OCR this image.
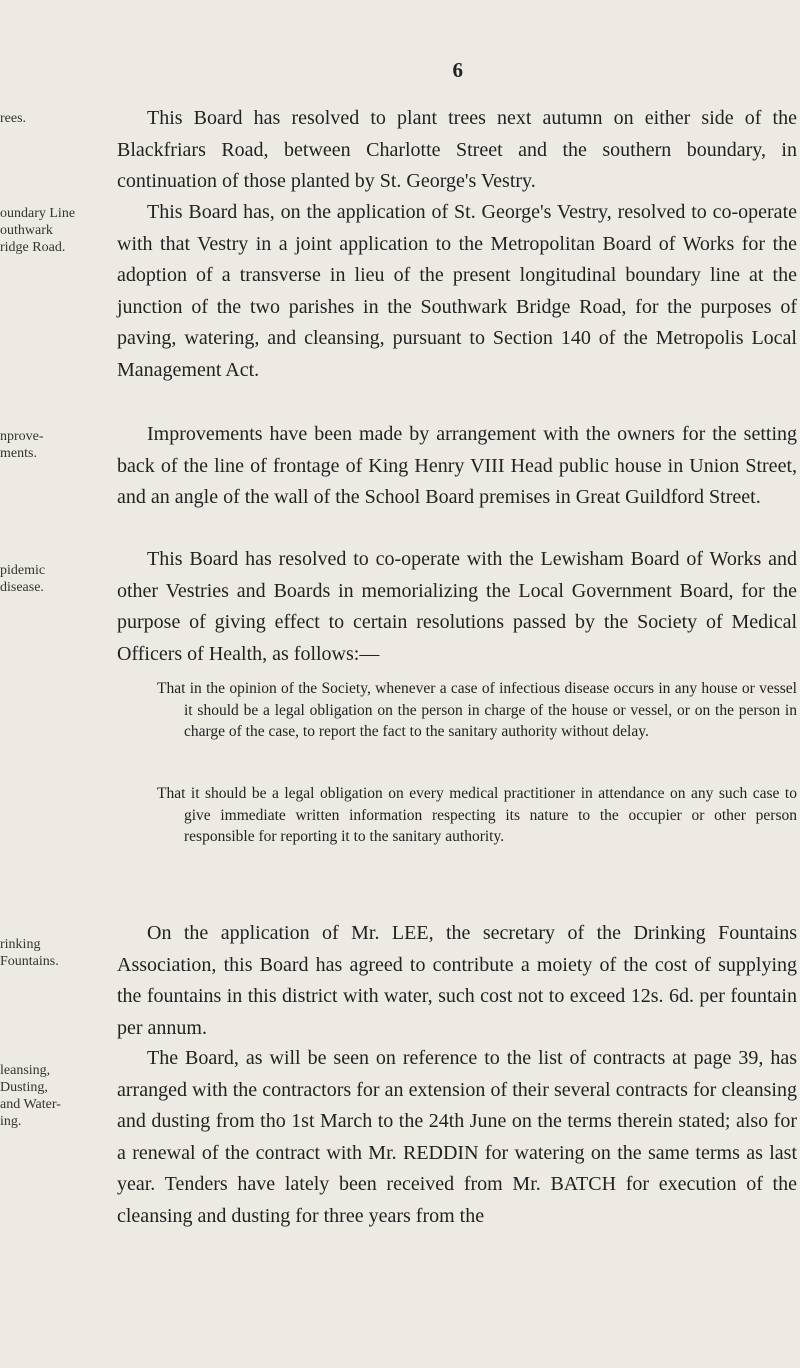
6
rees.
oundary Line
outhwark
ridge Road.
nprove-
ments.
pidemic
disease.
rinking
Fountains.
leansing,
Dusting,
and Water-
ing.
This Board has resolved to plant trees next autumn on either side of the Blackfriars Road, between Charlotte Street and the southern boundary, in continuation of those planted by St. George's Vestry.
This Board has, on the application of St. George's Vestry, resolved to co-operate with that Vestry in a joint application to the Metropolitan Board of Works for the adoption of a transverse in lieu of the present longitudinal boundary line at the junction of the two parishes in the Southwark Bridge Road, for the purposes of paving, watering, and cleansing, pursuant to Section 140 of the Metropolis Local Management Act.
Improvements have been made by arrangement with the owners for the setting back of the line of frontage of King Henry VIII Head public house in Union Street, and an angle of the wall of the School Board premises in Great Guildford Street.
This Board has resolved to co-operate with the Lewisham Board of Works and other Vestries and Boards in memorializing the Local Government Board, for the purpose of giving effect to certain resolutions passed by the Society of Medical Officers of Health, as follows:—
That in the opinion of the Society, whenever a case of infectious disease occurs in any house or vessel it should be a legal obligation on the person in charge of the house or vessel, or on the person in charge of the case, to report the fact to the sanitary authority without delay.
That it should be a legal obligation on every medical practitioner in attendance on any such case to give immediate written information respecting its nature to the occupier or other person responsible for reporting it to the sanitary authority.
On the application of Mr. LEE, the secretary of the Drinking Fountains Association, this Board has agreed to contribute a moiety of the cost of supplying the fountains in this district with water, such cost not to exceed 12s. 6d. per fountain per annum.
The Board, as will be seen on reference to the list of contracts at page 39, has arranged with the contractors for an extension of their several contracts for cleansing and dusting from tho 1st March to the 24th June on the terms therein stated; also for a renewal of the contract with Mr. REDDIN for watering on the same terms as last year. Tenders have lately been received from Mr. BATCH for execution of the cleansing and dusting for three years from the
